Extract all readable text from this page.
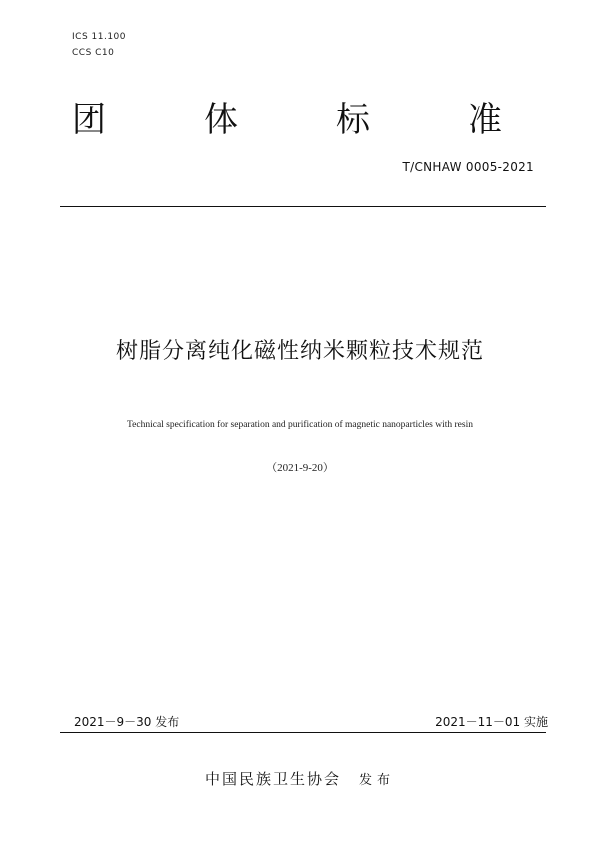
ICS 11.100
CCS C10
团	体	标	准
T/CNHAW 0005-2021
树脂分离纯化磁性纳米颗粒技术规范
Technical specification for separation and purification of magnetic nanoparticles with resin
（2021-9-20）
2021－9－30 发布	2021－11－01 实施
中国民族卫生协会 发布
